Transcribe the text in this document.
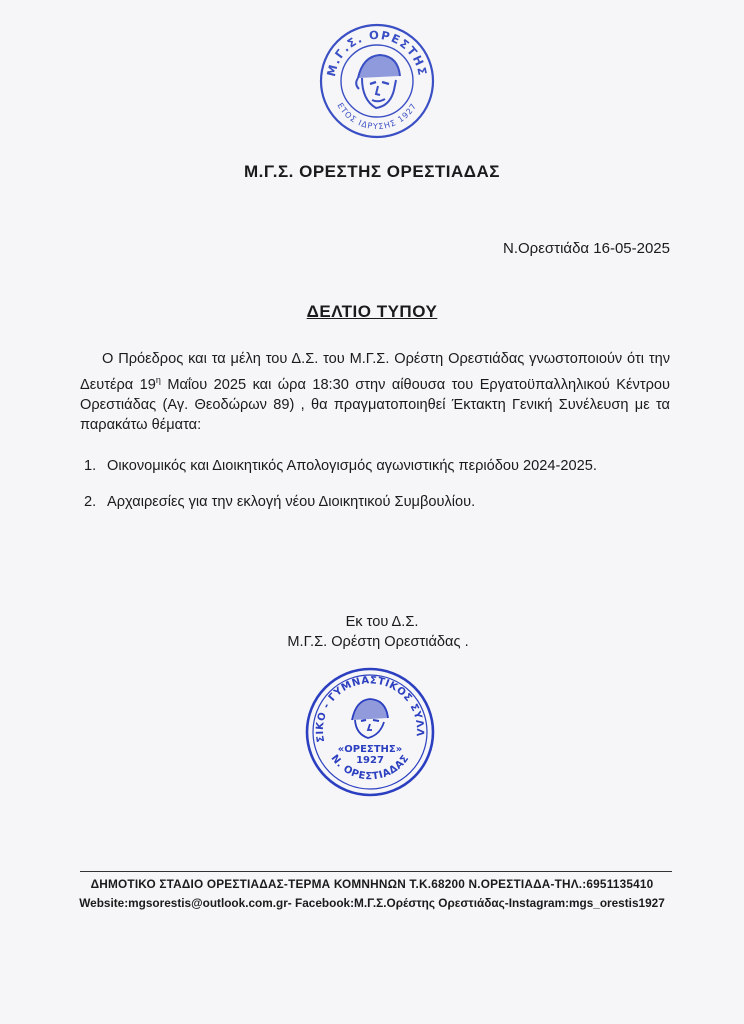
Μ.Γ.Σ. ΟΡΕΣΤΗΣ
ΕΤΟΣ ΙΔΡΥΣΗΣ 1927
Μ.Γ.Σ. ΟΡΕΣΤΗΣ ΟΡΕΣΤΙΑΔΑΣ
Ν.Ορεστιάδα 16-05-2025
ΔΕΛΤΙΟ ΤΥΠΟΥ

Ο Πρόεδρος και τα μέλη του Δ.Σ. του Μ.Γ.Σ. Ορέστη Ορεστιάδας γνωστοποιούν ότι την Δευτέρα $19^\eta$ Μαΐου 2025 και ώρα 18:30 στην αίθουσα του Εργατοϋπαλληλικού Κέντρου Ορεστιάδας (Αγ. Θεοδώρων 89) , θα πραγματοποιηθεί Έκτακτη Γενική Συνέλευση με τα παρακάτω θέματα:

1. Οικονομικός και Διοικητικός Απολογισμός αγωνιστικής περιόδου 2024-2025.
2. Αρχαιρεσίες για την εκλογή νέου Διοικητικού Συμβουλίου.
Εκ του Δ.Σ.
Μ.Γ.Σ. Ορέστη Ορεστιάδας .
ΣΙΚΟ - ΓΥΜΝΑΣΤΙΚΟΣ ΣΥΛΛ
Ν. ΟΡΕΣΤΙΑΔΑΣ
«ΟΡΕΣΤΗΣ»
1927
ΔΗΜΟΤΙΚΟ ΣΤΑΔΙΟ ΟΡΕΣΤΙΑΔΑΣ-ΤΕΡΜΑ ΚΟΜΝΗΝΩΝ Τ.Κ.68200 Ν.ΟΡΕΣΤΙΑΔΑ-ΤΗΛ.:6951135410
Website:mgsorestis@outlook.com.gr- Facebook:Μ.Γ.Σ.Ορέστης Ορεστιάδας-Instagram:mgs_orestis1927
